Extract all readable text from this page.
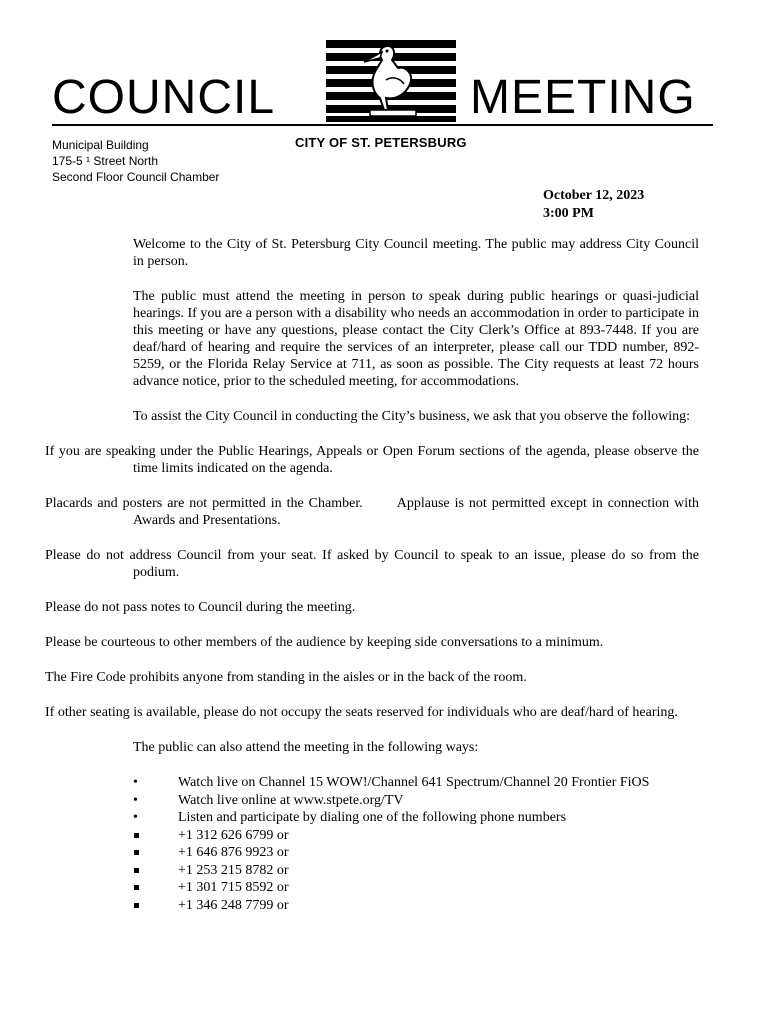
COUNCIL	MEETING
Municipal Building
175-5 ¹ Street North
Second Floor Council Chamber
CITY OF ST. PETERSBURG
October 12, 2023
3:00 PM

Welcome to the City of St. Petersburg City Council meeting. The public may address City Council in person.

The public must attend the meeting in person to speak during public hearings or quasi-judicial hearings. If you are a person with a disability who needs an accommodation in order to participate in this meeting or have any questions, please contact the City Clerk’s Office at 893-7448. If you are deaf/hard of hearing and require the services of an interpreter, please call our TDD number, 892-5259, or the Florida Relay Service at 711, as soon as possible. The City requests at least 72 hours advance notice, prior to the scheduled meeting, for accommodations.

To assist the City Council in conducting the City’s business, we ask that you observe the following:

If you are speaking under the Public Hearings, Appeals or Open Forum sections of the agenda, please observe the time limits indicated on the agenda.

Placards and posters are not permitted in the Chamber.       Applause is not permitted except in connection with Awards and Presentations.

Please do not address Council from your seat. If asked by Council to speak to an issue, please do so from the podium.

Please do not pass notes to Council during the meeting.

Please be courteous to other members of the audience by keeping side conversations to a minimum.

The Fire Code prohibits anyone from standing in the aisles or in the back of the room.

If other seating is available, please do not occupy the seats reserved for individuals who are deaf/hard of hearing.

The public can also attend the meeting in the following ways:

•	Watch live on Channel 15 WOW!/Channel 641 Spectrum/Channel 20 Frontier FiOS
•	Watch live online at www.stpete.org/TV
•	Listen and participate by dialing one of the following phone numbers
+1 312 626 6799 or
+1 646 876 9923 or
+1 253 215 8782 or
+1 301 715 8592 or
+1 346 248 7799 or
